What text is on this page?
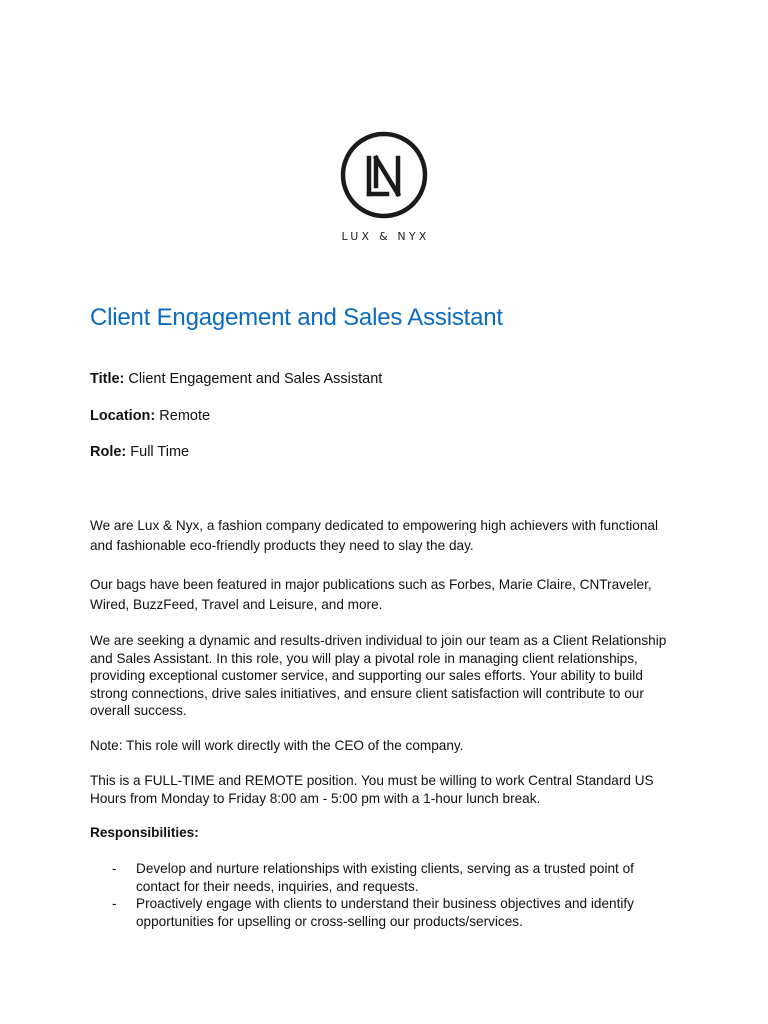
LUX & NYX
Client Engagement and Sales Assistant
Title: Client Engagement and Sales Assistant
Location: Remote
Role: Full Time

We are Lux & Nyx, a fashion company dedicated to empowering high achievers with functional and fashionable eco-friendly products they need to slay the day.

Our bags have been featured in major publications such as Forbes, Marie Claire, CNTraveler, Wired, BuzzFeed, Travel and Leisure, and more.

We are seeking a dynamic and results-driven individual to join our team as a Client Relationship and Sales Assistant. In this role, you will play a pivotal role in managing client relationships, providing exceptional customer service, and supporting our sales efforts. Your ability to build strong connections, drive sales initiatives, and ensure client satisfaction will contribute to our overall success.

Note: This role will work directly with the CEO of the company.

This is a FULL-TIME and REMOTE position. You must be willing to work Central Standard US Hours from Monday to Friday 8:00 am - 5:00 pm with a 1-hour lunch break.

Responsibilities:

- Develop and nurture relationships with existing clients, serving as a trusted point of contact for their needs, inquiries, and requests.
- Proactively engage with clients to understand their business objectives and identify opportunities for upselling or cross-selling our products/services.
